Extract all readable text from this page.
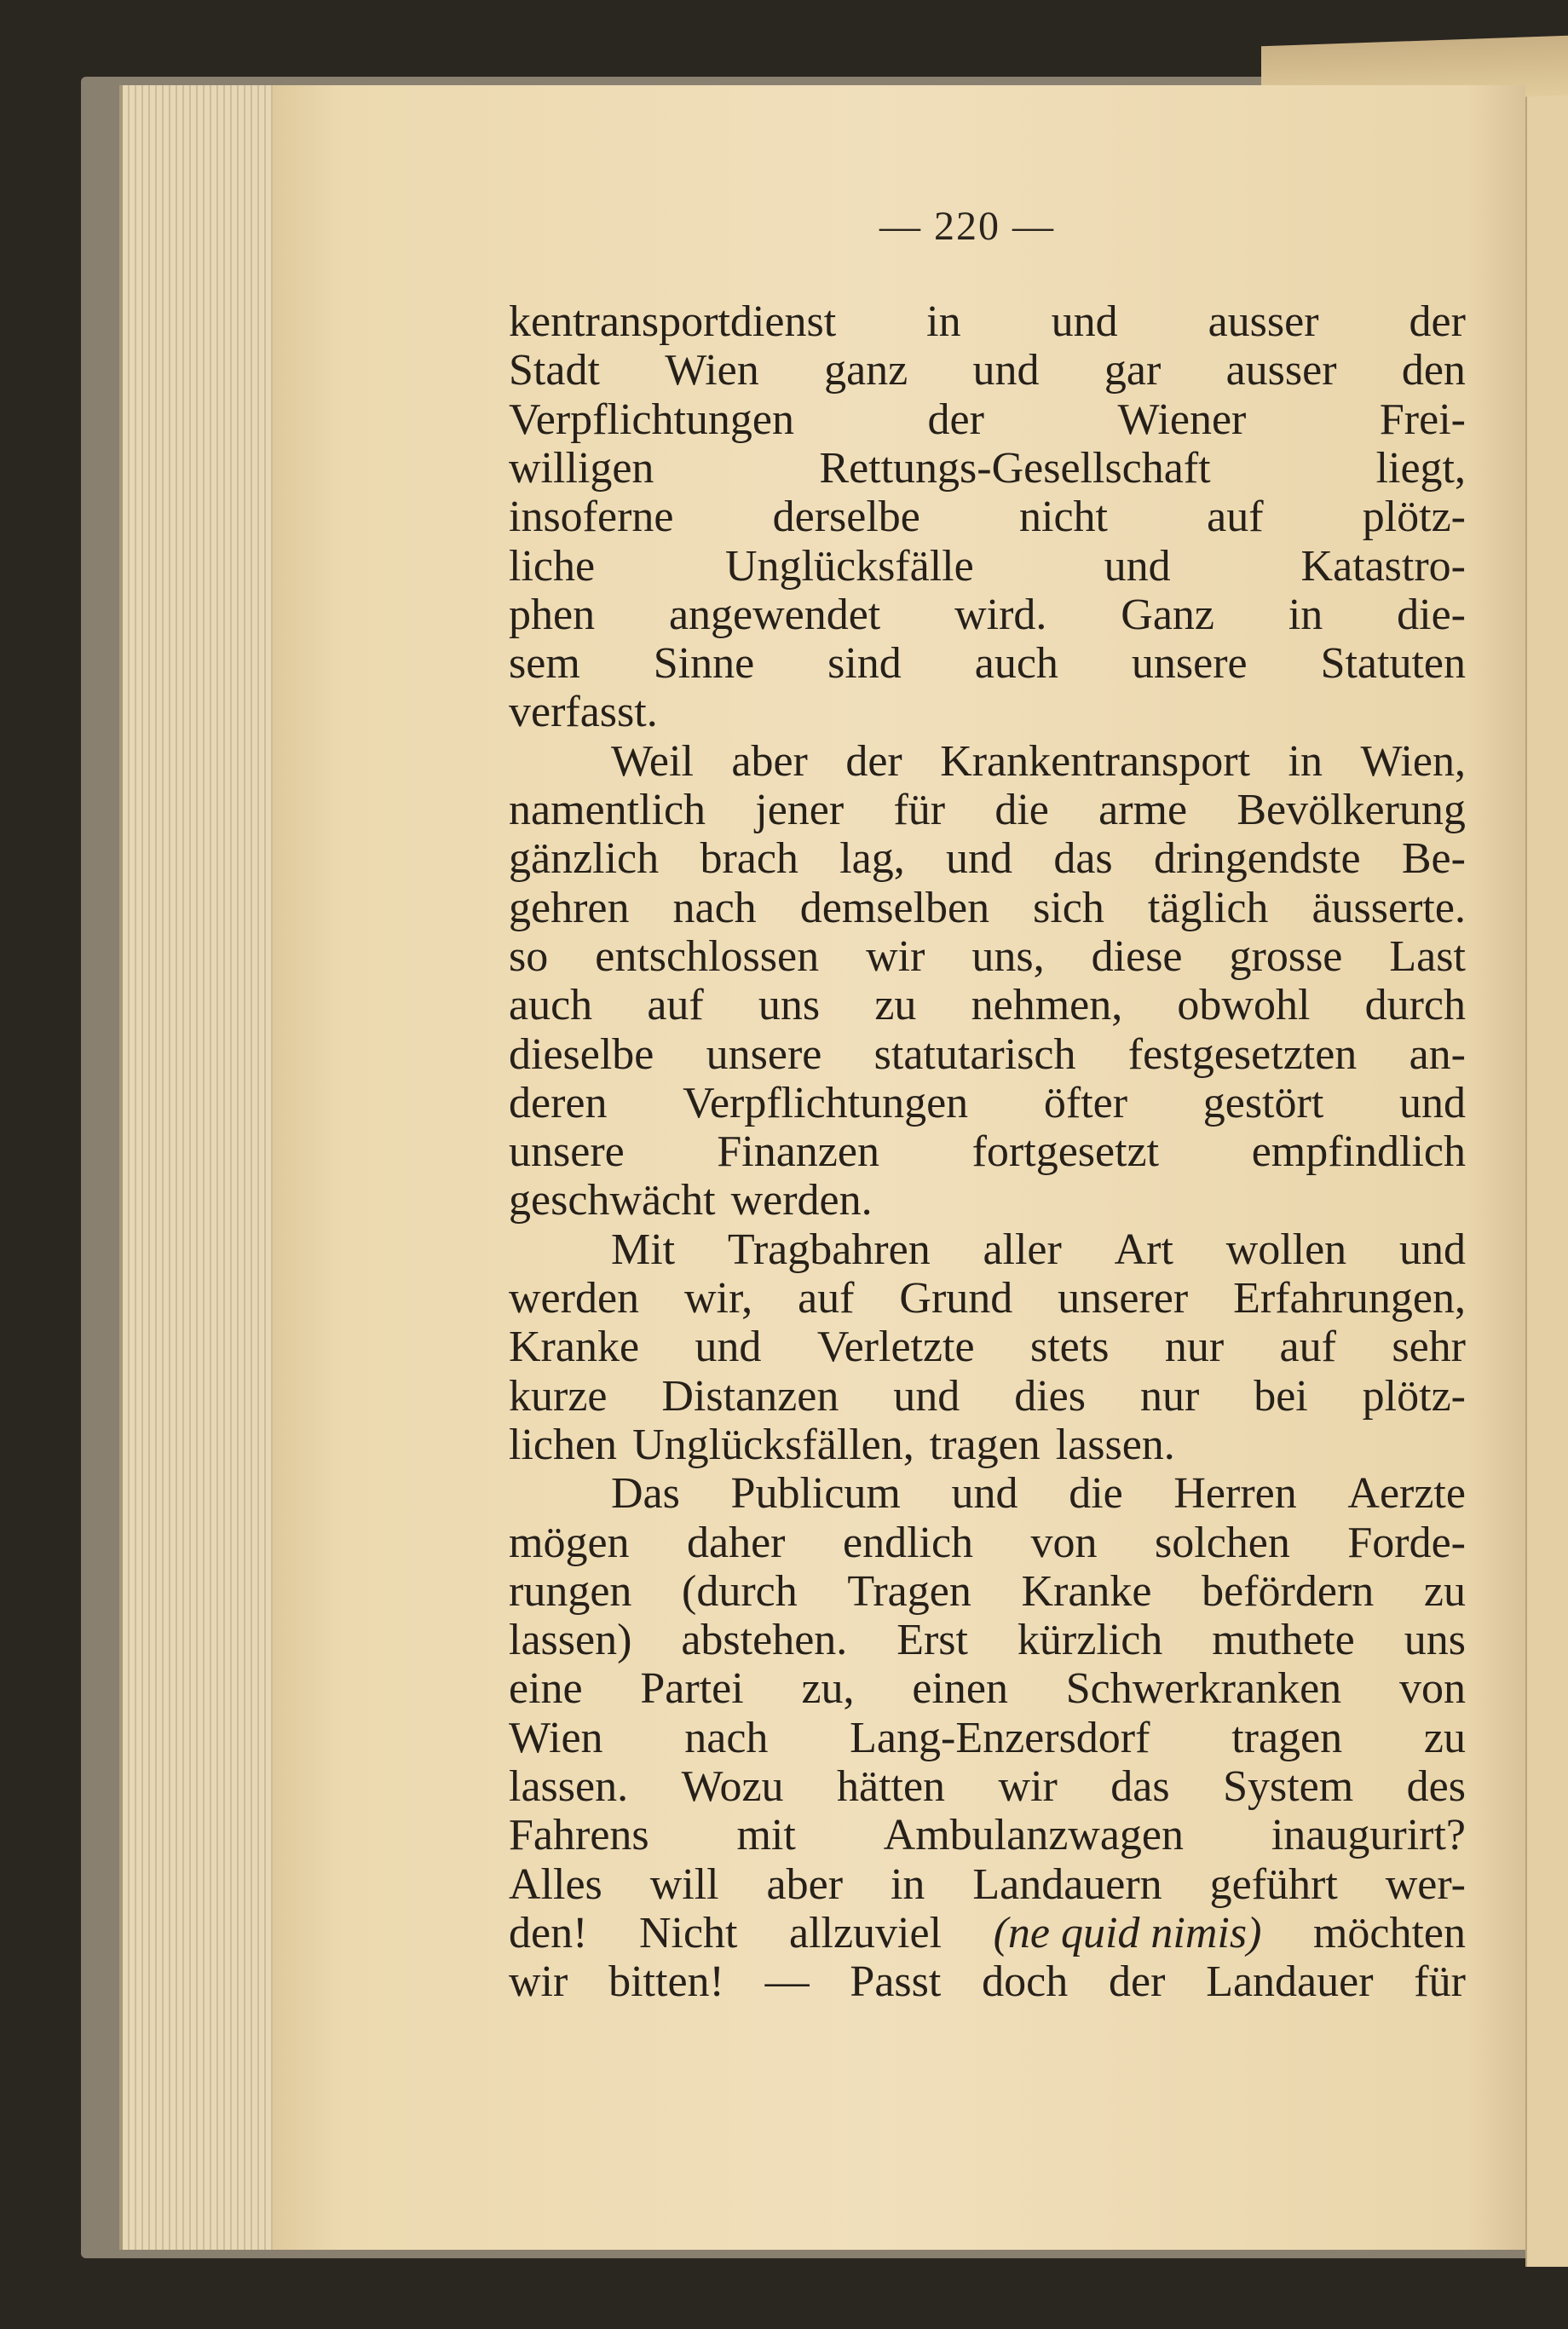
— 220 —
kentransportdienst in und ausser der
Stadt Wien ganz und gar ausser den
Verpflichtungen	der	Wiener	Frei-
willigen	Rettungs-Gesellschaft	liegt,
insoferne derselbe nicht auf plötz-
liche	Unglücksfälle	und	Katastro-
phen angewendet wird. Ganz in die-
sem Sinne sind auch unsere Statuten
verfasst.
Weil aber der Krankentransport in Wien,
namentlich jener für die arme Bevölkerung
gänzlich brach lag, und das dringendste Be-
gehren nach demselben sich täglich äusserte.
so entschlossen wir uns, diese grosse Last
auch auf uns zu nehmen, obwohl durch
dieselbe unsere statutarisch festgesetzten an-
deren Verpflichtungen öfter gestört und
unsere Finanzen fortgesetzt empfindlich
geschwächt werden.
Mit Tragbahren aller Art wollen und
werden wir, auf Grund unserer Erfahrungen,
Kranke und Verletzte stets nur auf sehr
kurze Distanzen und dies nur bei plötz-
lichen Unglücksfällen, tragen lassen.
Das Publicum und die Herren Aerzte
mögen daher endlich von solchen Forde-
rungen (durch Tragen Kranke befördern zu
lassen) abstehen. Erst kürzlich muthete uns
eine Partei zu, einen Schwerkranken von
Wien nach Lang-Enzersdorf tragen zu
lassen. Wozu hätten wir das System des
Fahrens mit Ambulanzwagen inaugurirt?
Alles will aber in Landauern geführt wer-
den! Nicht allzuviel (ne quid nimis) möchten
wir bitten! — Passt doch der Landauer für
